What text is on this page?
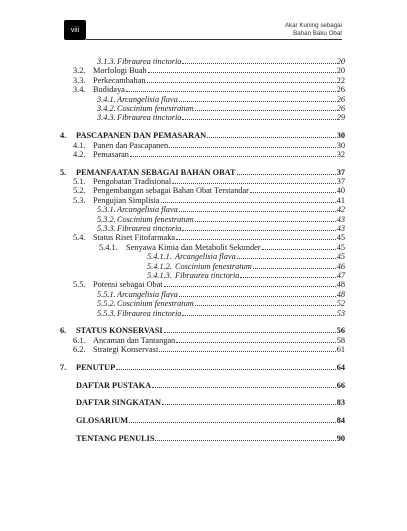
viii
Akar Kuning sebagai
Bahan Baku Obat
3.1.3. Fibraurea tinctoria	20
3.2. Morfologi Buah	20
3.3. Perkecambahan	22
3.4. Budidaya	26
3.4.1. Arcangelisia flava	26
3.4.2. Coscinium fenestratum	26
3.4.3. Fibraurea tinctoria	29
4.	PASCAPANEN DAN PEMASARAN	30
4.1. Panen dan Pascapanen	30
4.2. Pemasaran	32
5.	PEMANFAATAN SEBAGAI BAHAN OBAT	37
5.1. Pengobatan Tradisional	37
5.2. Pengembangan sebagai Bahan Obat Terstandar	40
5.3. Pengujian Simplisia	41
5.3.1. Arcangelisia flava	42
5.3.2. Coscinium fenestratum	43
5.3.3. Fibraurea tinctoria	43
5.4. Status Riset Fitofarmaka	45
5.4.1.	Senyawa Kimia dan Metabolit Sekunder	45
5.4.1.1. Arcangelisia flava	45
5.4.1.2. Coscinium fenestratum	46
5.4.1.3. Fibraurea tinctoria	47
5.5. Potensi sebagai Obat	48
5.5.1. Arcangelisia flava	48
5.5.2. Coscinium fenestratum	52
5.5.3. Fibraurea tinctoria	53
6.	STATUS KONSERVASI	56
6.1. Ancaman dan Tantangan	58
6.2. Strategi Konservasi	61
7.	PENUTUP	64
DAFTAR PUSTAKA	66
DAFTAR SINGKATAN	83
GLOSARIUM	84
TENTANG PENULIS	90
